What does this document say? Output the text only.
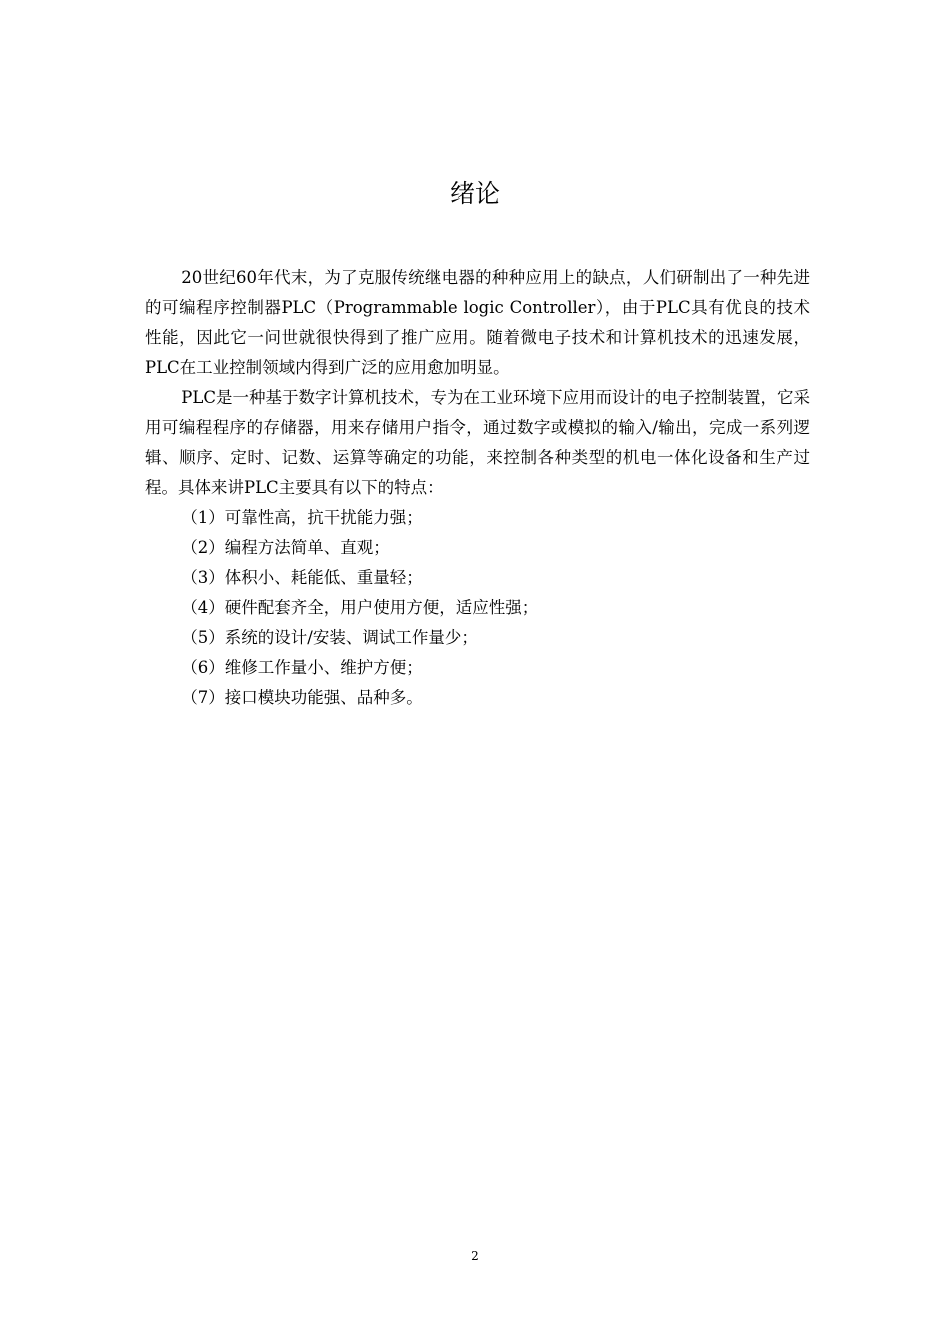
绪论

20世纪60年代末，为了克服传统继电器的种种应用上的缺点，人们研制出了一种先进的可编程序控制器PLC（Programmable logic Controller），由于PLC具有优良的技术性能，因此它一问世就很快得到了推广应用。随着微电子技术和计算机技术的迅速发展，PLC在工业控制领域内得到广泛的应用愈加明显。

PLC是一种基于数字计算机技术，专为在工业环境下应用而设计的电子控制装置，它采用可编程程序的存储器，用来存储用户指令，通过数字或模拟的输入/输出，完成一系列逻辑、顺序、定时、记数、运算等确定的功能，来控制各种类型的机电一体化设备和生产过程。具体来讲PLC主要具有以下的特点：

（1）可靠性高，抗干扰能力强；

（2）编程方法简单、直观；

（3）体积小、耗能低、重量轻；

（4）硬件配套齐全，用户使用方便，适应性强；

（5）系统的设计/安装、调试工作量少；

（6）维修工作量小、维护方便；

（7）接口模块功能强、品种多。

2
